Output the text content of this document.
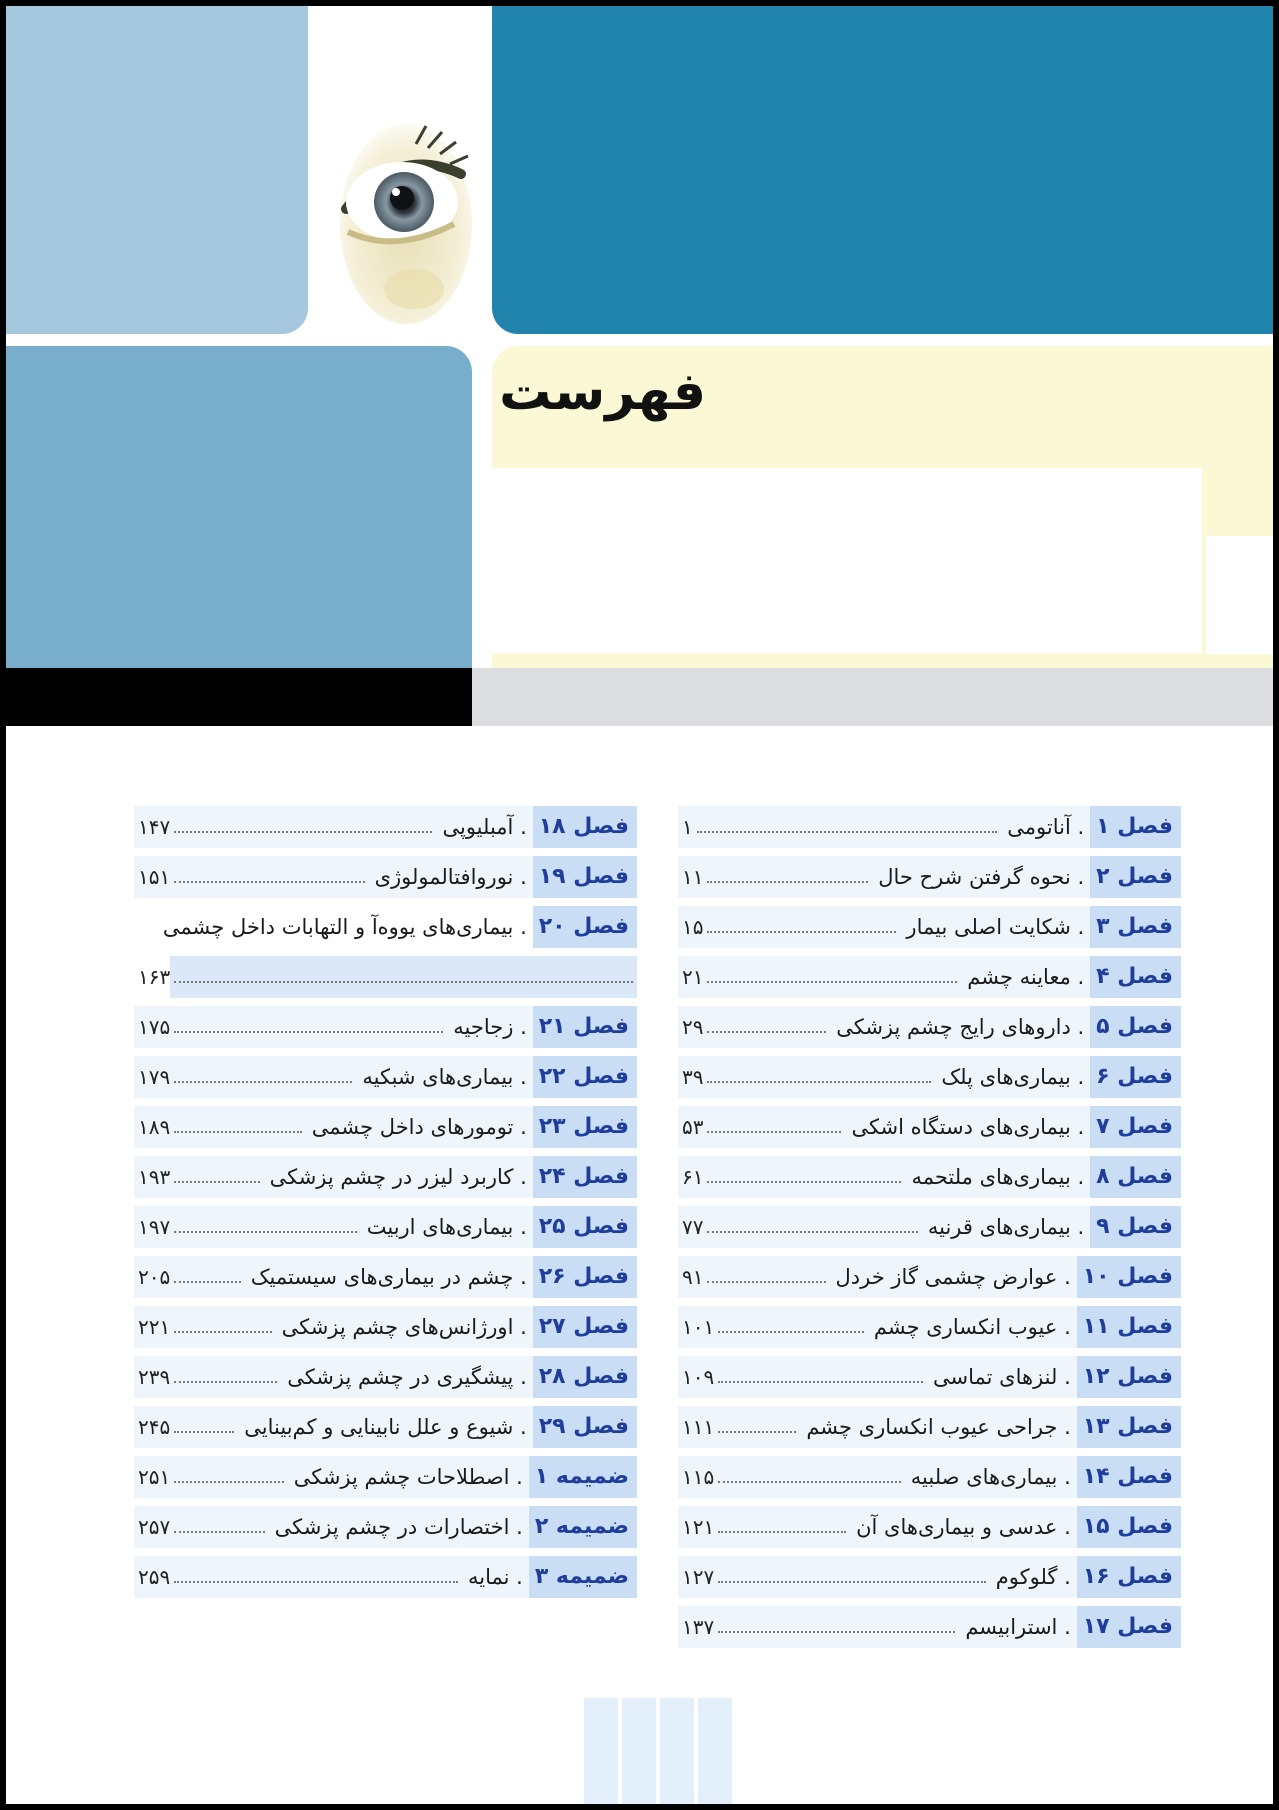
فهرست
فصل ۱
. آناتومی
۱
فصل ۲
. نحوه گرفتن شرح حال
۱۱
فصل ۳
. شکایت اصلی بیمار
۱۵
فصل ۴
. معاینه چشم
۲۱
فصل ۵
. داروهای رایج چشم پزشکی
۲۹
فصل ۶
. بیماری‌های پلک
۳۹
فصل ۷
. بیماری‌های دستگاه اشکی
۵۳
فصل ۸
. بیماری‌های ملتحمه
۶۱
فصل ۹
. بیماری‌های قرنیه
۷۷
فصل ۱۰
. عوارض چشمی گاز خردل
۹۱
فصل ۱۱
. عیوب انکساری چشم
۱۰۱
فصل ۱۲
. لنزهای تماسی
۱۰۹
فصل ۱۳
. جراحی عیوب انکساری چشم
۱۱۱
فصل ۱۴
. بیماری‌های صلبیه
۱۱۵
فصل ۱۵
. عدسی و بیماری‌های آن
۱۲۱
فصل ۱۶
. گلوکوم
۱۲۷
فصل ۱۷
. استرابیسم
۱۳۷
فصل ۱۸
. آمبلیوپی
۱۴۷
فصل ۱۹
. نوروافتالمولوژی
۱۵۱
فصل ۲۰
. بیماری‌های یووه‌آ و التهابات داخل چشمی
۱۶۳
فصل ۲۱
. زجاجیه
۱۷۵
فصل ۲۲
. بیماری‌های شبکیه
۱۷۹
فصل ۲۳
. تومورهای داخل چشمی
۱۸۹
فصل ۲۴
. کاربرد لیزر در چشم پزشکی
۱۹۳
فصل ۲۵
. بیماری‌های اربیت
۱۹۷
فصل ۲۶
. چشم در بیماری‌های سیستمیک
۲۰۵
فصل ۲۷
. اورژانس‌های چشم پزشکی
۲۲۱
فصل ۲۸
. پیشگیری در چشم پزشکی
۲۳۹
فصل ۲۹
. شیوع و علل نابینایی و کم‌بینایی
۲۴۵
ضمیمه ۱
. اصطلاحات چشم پزشکی
۲۵۱
ضمیمه ۲
. اختصارات در چشم پزشکی
۲۵۷
ضمیمه ۳
. نمایه
۲۵۹
